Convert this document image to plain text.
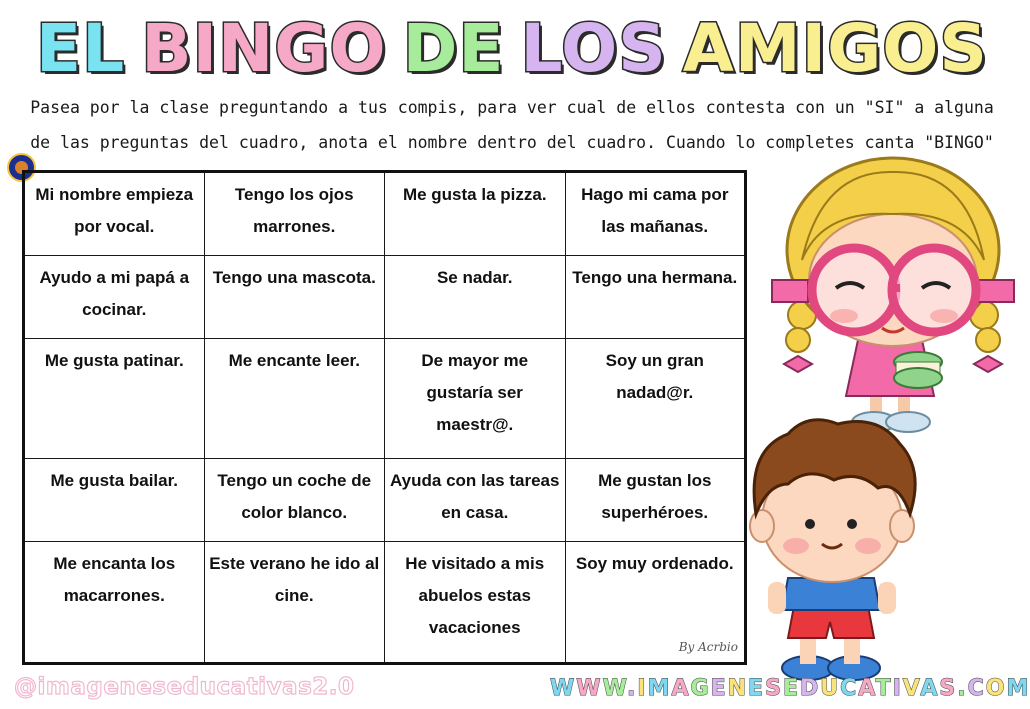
EL BINGO DE LOS AMIGOS
Pasea por la clase preguntando a tus compis, para ver cual de ellos contesta con un "SI" a alguna
de las preguntas del cuadro, anota el nombre dentro del cuadro. Cuando lo completes canta "BINGO"
Mi nombre empieza por vocal.	Tengo los ojos marrones.	Me gusta la pizza.	Hago mi cama por las mañanas.

Ayudo a mi papá a cocinar.	Tengo una mascota.	Se nadar.	Tengo una hermana.

Me gusta patinar.	Me encante leer.	De mayor me gustaría ser maestr@.	Soy un gran nadad@r.

Me gusta bailar.	Tengo un coche de color blanco.	Ayuda con las tareas en casa.	Me gustan los superhéroes.

Me encanta los macarrones.	Este verano he ido al cine.	He visitado a mis abuelos estas vacaciones	Soy muy ordenado.
By Acrbio
@imageneseducativas2.0	WWW.IMAGENESEDUCATIVAS.COM
